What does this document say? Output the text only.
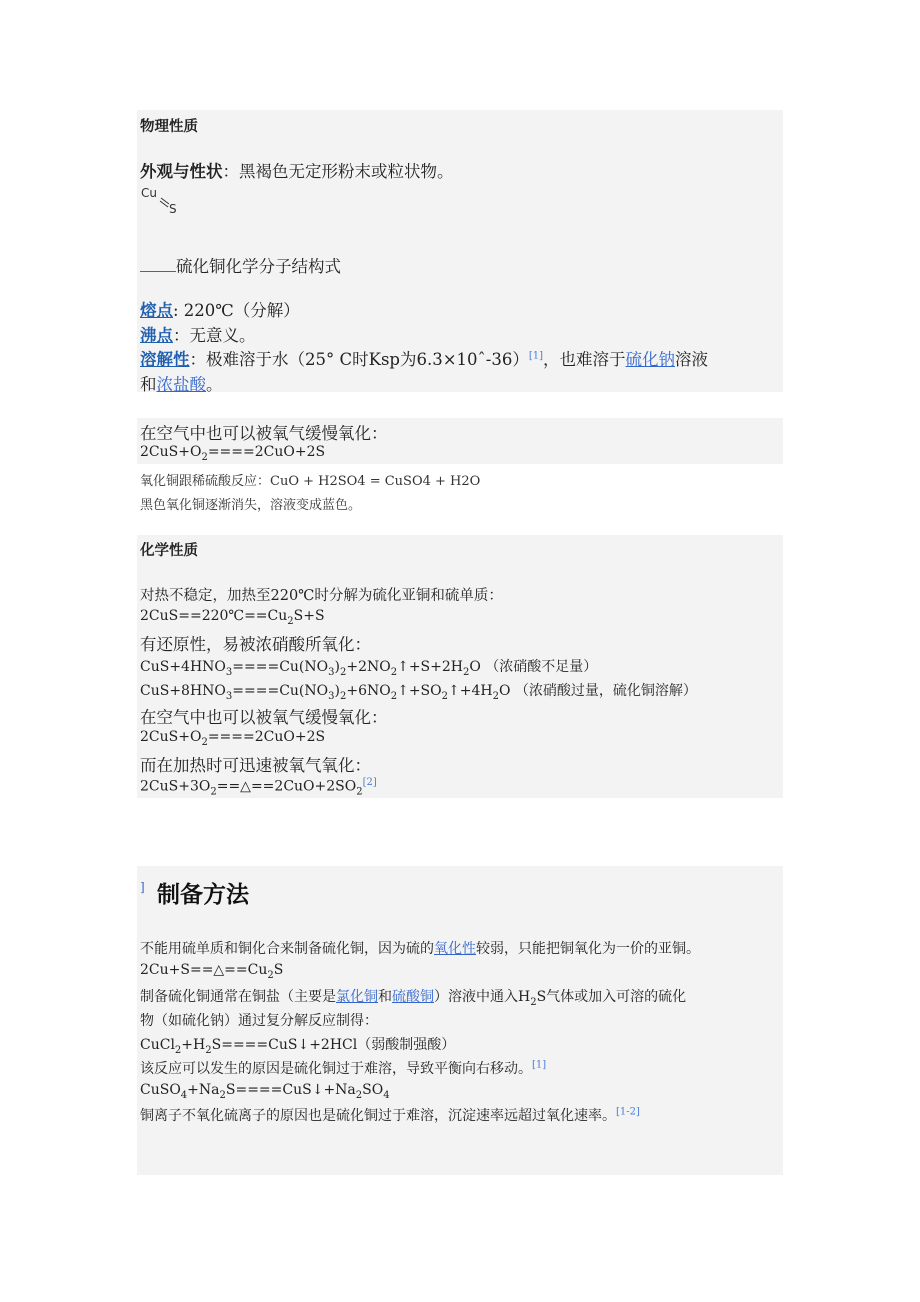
物理性质
外观与性状：黑褐色无定形粉末或粒状物。
Cu
S
硫化铜化学分子结构式
熔点: 220℃（分解）
沸点：无意义。
溶解性：极难溶于水（25° C时Ksp为6.3×10ˆ-36）[1]，也难溶于硫化钠溶液
和浓盐酸。
在空气中也可以被氧气缓慢氧化：
$2CuS+O_2====2CuO+2S$
氧化铜跟稀硫酸反应：CuO + H2SO4 = CuSO4 + H2O
黑色氧化铜逐渐消失，溶液变成蓝色。
化学性质
对热不稳定，加热至220℃时分解为硫化亚铜和硫单质：
$2CuS==220℃==Cu_2S+S$
有还原性，易被浓硝酸所氧化：
$CuS+4HNO_3====Cu(NO_3)_2+2NO_2↑+S+2H_2O$ （浓硝酸不足量）
$CuS+8HNO_3====Cu(NO_3)_2+6NO_2↑+SO_2↑+4H_2O$ （浓硝酸过量，硫化铜溶解）
在空气中也可以被氧气缓慢氧化：
$2CuS+O_2====2CuO+2S$
而在加热时可迅速被氧气氧化：
$2CuS+3O_2==\triangle==2CuO+2SO_2[2]$
] 制备方法
不能用硫单质和铜化合来制备硫化铜，因为硫的氧化性较弱，只能把铜氧化为一价的亚铜。
$2Cu+S==\triangle==Cu_2S$
制备硫化铜通常在铜盐（主要是氯化铜和硫酸铜）溶液中通入$H_2S$气体或加入可溶的硫化
物（如硫化钠）通过复分解反应制得：
$CuCl_2+H_2S====CuS↓+2HCl$（弱酸制强酸）
该反应可以发生的原因是硫化铜过于难溶，导致平衡向右移动。[1]
$CuSO_4+Na_2S====CuS↓+Na_2SO_4$
铜离子不氧化硫离子的原因也是硫化铜过于难溶，沉淀速率远超过氧化速率。[1-2]
